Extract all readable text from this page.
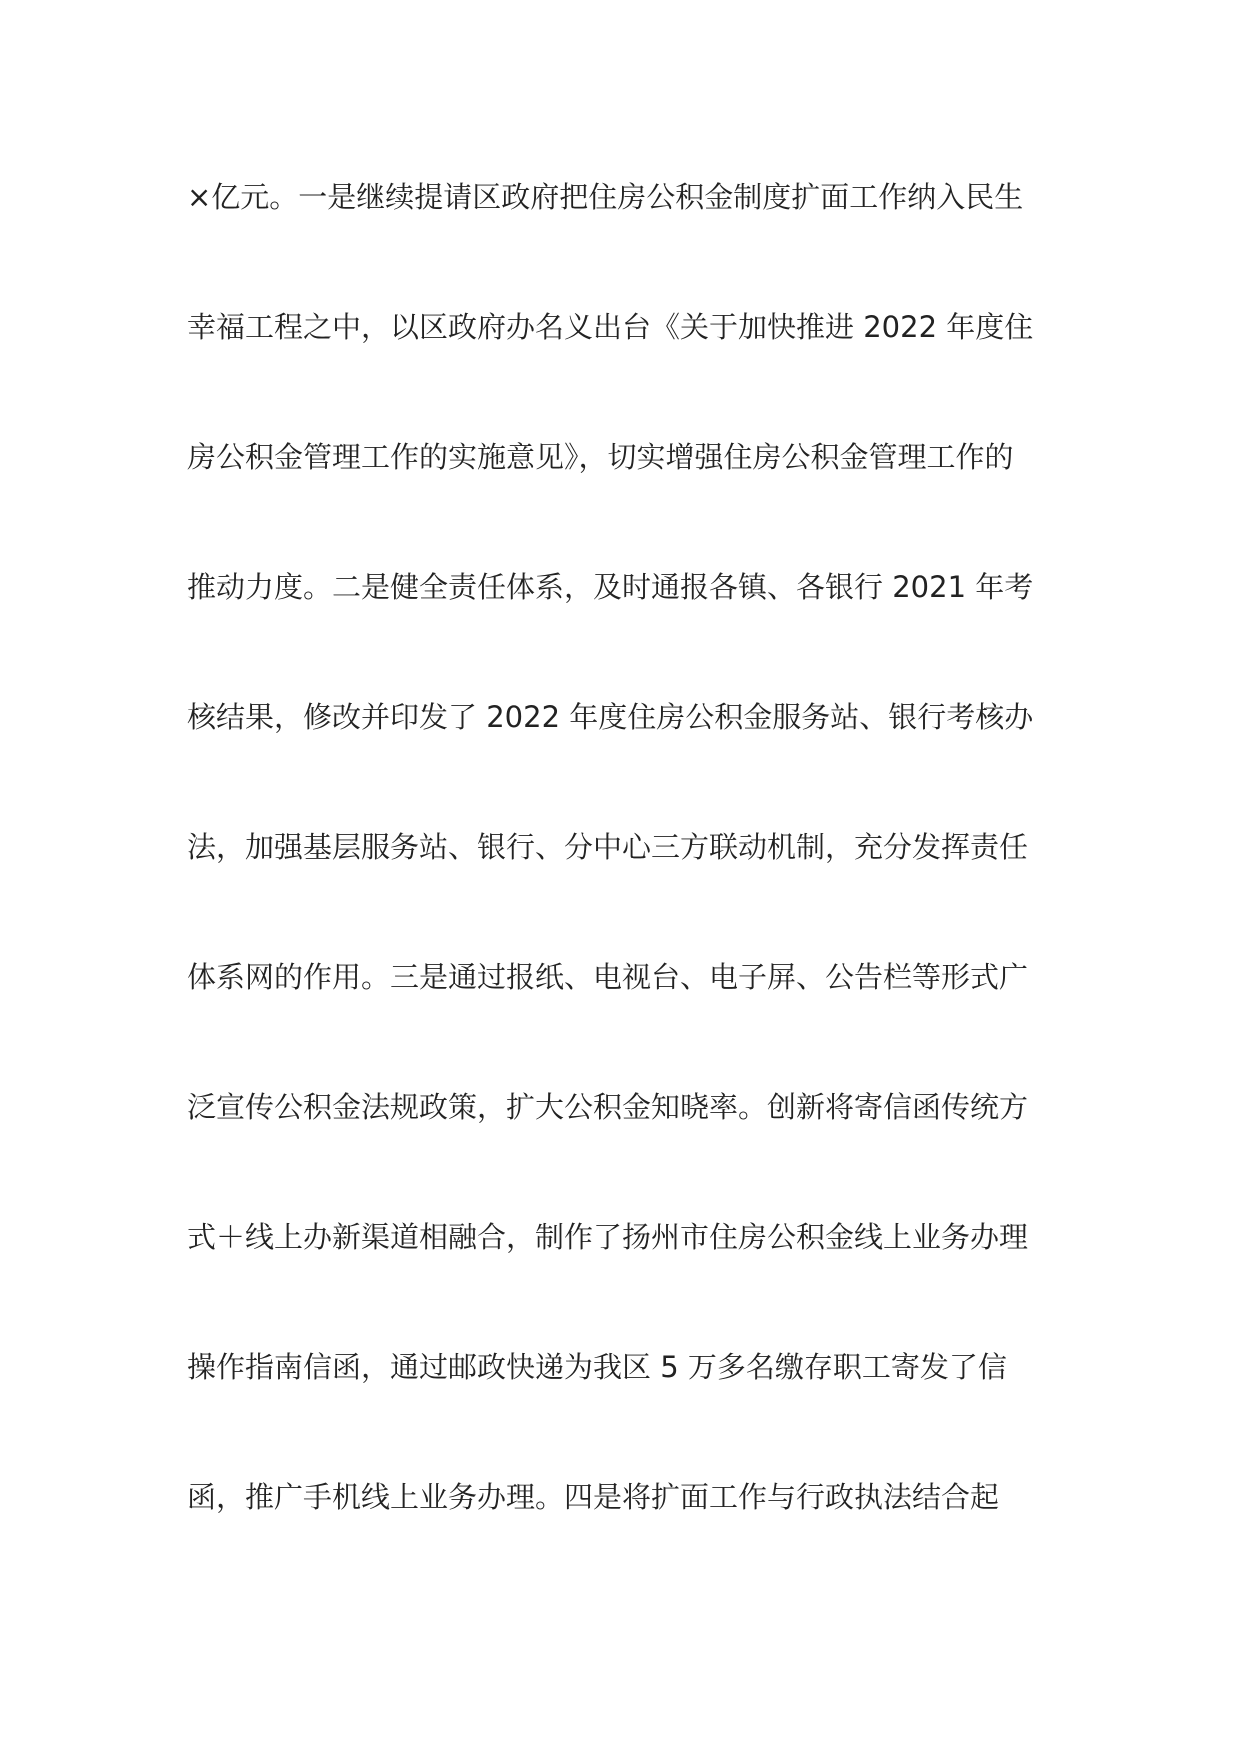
×亿元。一是继续提请区政府把住房公积金制度扩面工作纳入民生
幸福工程之中，以区政府办名义出台《关于加快推进 2022 年度住
房公积金管理工作的实施意见》，切实增强住房公积金管理工作的
推动力度。二是健全责任体系，及时通报各镇、各银行 2021 年考
核结果，修改并印发了 2022 年度住房公积金服务站、银行考核办
法，加强基层服务站、银行、分中心三方联动机制，充分发挥责任
体系网的作用。三是通过报纸、电视台、电子屏、公告栏等形式广
泛宣传公积金法规政策，扩大公积金知晓率。创新将寄信函传统方
式＋线上办新渠道相融合，制作了扬州市住房公积金线上业务办理
操作指南信函，通过邮政快递为我区 5 万多名缴存职工寄发了信
函，推广手机线上业务办理。四是将扩面工作与行政执法结合起
